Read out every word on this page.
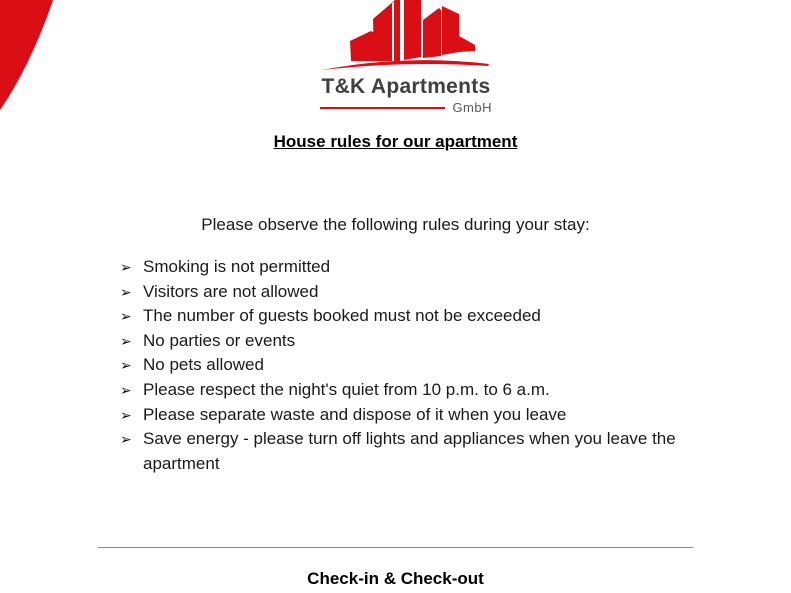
T&K Apartments
GmbH
House rules for our apartment
Please observe the following rules during your stay:
➢ Smoking is not permitted
➢ Visitors are not allowed
➢ The number of guests booked must not be exceeded
➢ No parties or events
➢ No pets allowed
➢ Please respect the night's quiet from 10 p.m. to 6 a.m.
➢ Please separate waste and dispose of it when you leave
➢ Save energy - please turn off lights and appliances when you leave the apartment
Check-in & Check-out
